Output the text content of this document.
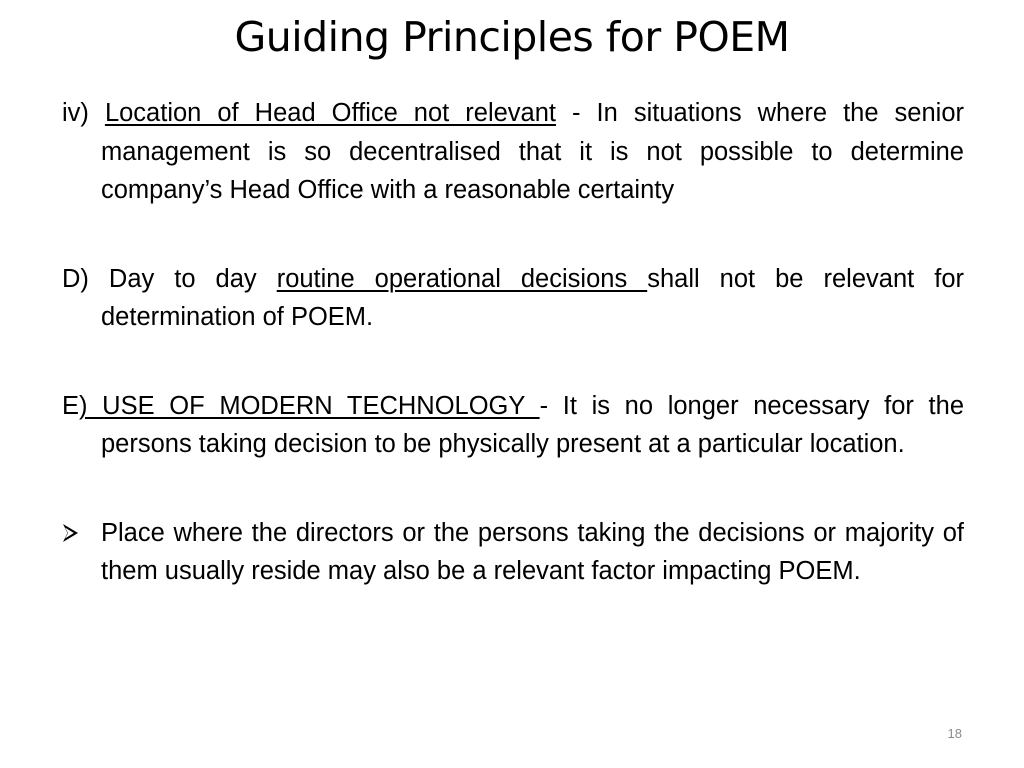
Guiding Principles for POEM

iv) Location of Head Office not relevant - In situations where the senior management is so decentralised that it is not possible to determine company’s Head Office with a reasonable certainty

D) Day to day routine operational decisions shall not be relevant for determination of POEM.

E) USE OF MODERN TECHNOLOGY - It is no longer necessary for the persons taking decision to be physically present at a particular location.

Place where the directors or the persons taking the decisions or majority of them usually reside may also be a relevant factor impacting POEM.

18
